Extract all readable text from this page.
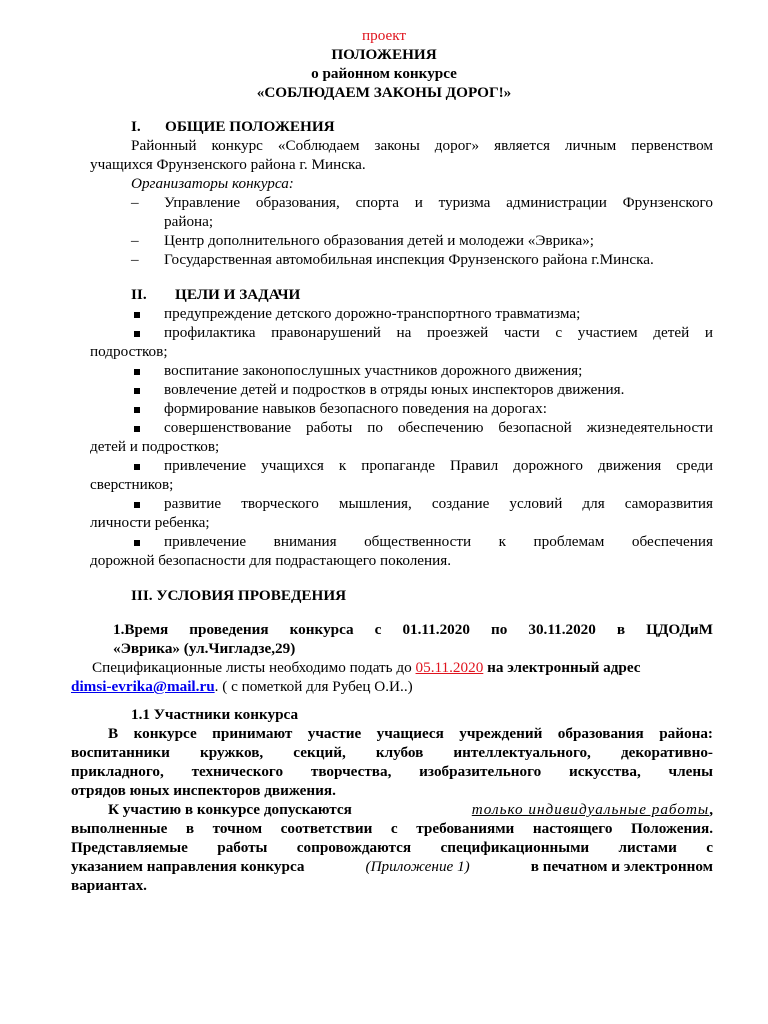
проект
ПОЛОЖЕНИЯ
о районном конкурсе
«СОБЛЮДАЕМ ЗАКОНЫ ДОРОГ!»
I. ОБЩИЕ ПОЛОЖЕНИЯ
Районный конкурс «Соблюдаем законы дорог» является личным первенством
учащихся Фрунзенского района г. Минска.
Организаторы конкурса:
– Управление образования, спорта и туризма администрации Фрунзенского
района;
– Центр дополнительного образования детей и молодежи «Эврика»;
– Государственная автомобильная инспекция Фрунзенского района г.Минска.
II. ЦЕЛИ И ЗАДАЧИ
предупреждение детского дорожно-транспортного травматизма;
профилактика правонарушений на проезжей части с участием детей и
подростков;
воспитание законопослушных участников дорожного движения;
вовлечение детей и подростков в отряды юных инспекторов движения.
формирование навыков безопасного поведения на дорогах:
совершенствование работы по обеспечению безопасной жизнедеятельности
детей и подростков;
привлечение учащихся к пропаганде Правил дорожного движения среди
сверстников;
развитие творческого мышления, создание условий для саморазвития
личности ребенка;
привлечение внимания общественности к проблемам обеспечения
дорожной безопасности для подрастающего поколения.
III. УСЛОВИЯ ПРОВЕДЕНИЯ
1.Время проведения конкурса с 01.11.2020 по 30.11.2020 в ЦДОДиМ
«Эврика» (ул.Чигладзе,29)
Спецификационные листы необходимо подать до 05.11.2020 на электронный адрес
dimsi-evrika@mail.ru. ( с пометкой для Рубец О.И..)
1.1 Участники конкурса
В конкурсе принимают участие учащиеся учреждений образования района:
воспитанники кружков, секций, клубов интеллектуального, декоративно-
прикладного, технического творчества, изобразительного искусства, члены
отрядов юных инспекторов движения.
К участию в конкурсе допускаются	только индивидуальные работы,
выполненные в точном соответствии с требованиями настоящего Положения.
Представляемые работы сопровождаются спецификационными листами с
указанием направления конкурса	(Приложение 1)	в печатном и электронном
вариантах.
